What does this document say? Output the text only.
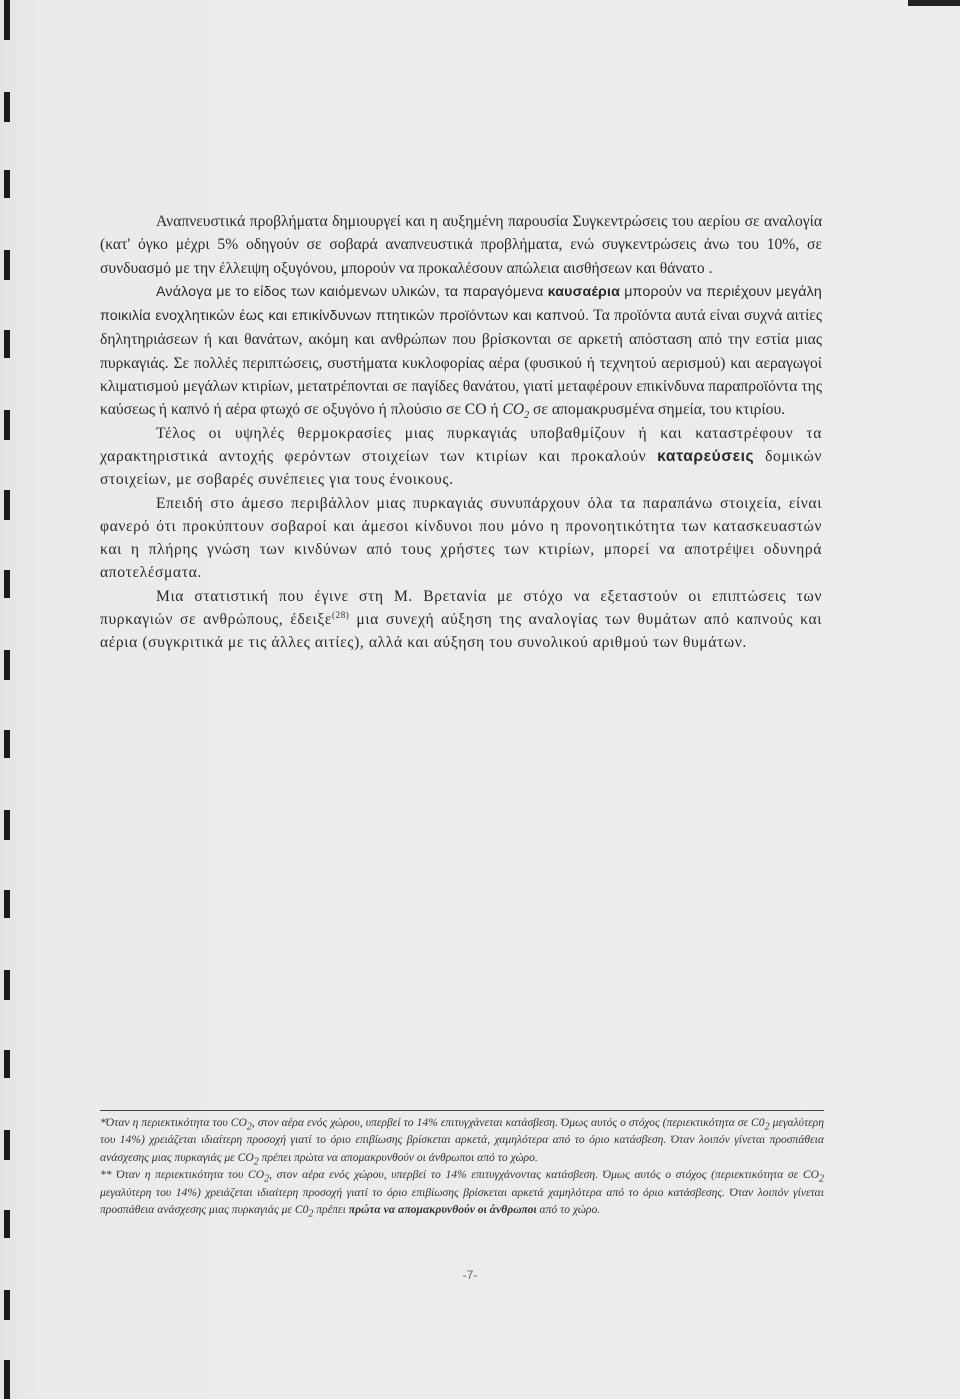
Αναπνευστικά προβλήματα δημιουργεί και η αυξημένη παρουσία Συγκεντρώσεις του αερίου σε αναλογία (κατ' όγκο μέχρι 5% οδηγούν σε σοβαρά αναπνευστικά προβλήματα, ενώ συγκεντρώσεις άνω του 10%, σε συνδυασμό με την έλλειψη οξυγόνου, μπορούν να προκαλέσουν απώλεια αισθήσεων και θάνατο .

Ανάλογα με το είδος των καιόμενων υλικών, τα παραγόμενα καυσαέρια μπορούν να περιέχουν μεγάλη ποικιλία ενοχλητικών έως και επικίνδυνων πτητικών προϊόντων και καπνού. Τα προϊόντα αυτά είναι συχνά αιτίες δηλητηριάσεων ή και θανάτων, ακόμη και ανθρώπων που βρίσκονται σε αρκετή απόσταση από την εστία μιας πυρκαγιάς. Σε πολλές περιπτώσεις, συστήματα κυκλοφορίας αέρα (φυσικού ή τεχνητού αερισμού) και αεραγωγοί κλιματισμού μεγάλων κτιρίων, μετατρέπονται σε παγίδες θανάτου, γιατί μεταφέρουν επικίνδυνα παραπροϊόντα της καύσεως ή καπνό ή αέρα φτωχό σε οξυγόνο ή πλούσιο σε CO ή $CO_2$ σε απομακρυσμένα σημεία, του κτιρίου.

Τέλος οι υψηλές θερμοκρασίες μιας πυρκαγιάς υποβαθμίζουν ή και καταστρέφουν τα χαρακτηριστικά αντοχής φερόντων στοιχείων των κτιρίων και προκαλούν καταρεύσεις δομικών στοιχείων, με σοβαρές συνέπειες για τους ένοικους.

Επειδή στο άμεσο περιβάλλον μιας πυρκαγιάς συνυπάρχουν όλα τα παραπάνω στοιχεία, είναι φανερό ότι προκύπτουν σοβαροί και άμεσοι κίνδυνοι που μόνο η προνοητικότητα των κατασκευαστών και η πλήρης γνώση των κινδύνων από τους χρήστες των κτιρίων, μπορεί να αποτρέψει οδυνηρά αποτελέσματα.

Μια στατιστική που έγινε στη Μ. Βρετανία με στόχο να εξεταστούν οι επιπτώσεις των πυρκαγιών σε ανθρώπους, έδειξε$^{(28)}$ μια συνεχή αύξηση της αναλογίας των θυμάτων από καπνούς και αέρια (συγκριτικά με τις άλλες αιτίες), αλλά και αύξηση του συνολικού αριθμού των θυμάτων.

*Όταν η περιεκτικότητα του $CO_2$, στον αέρα ενός χώρου, υπερβεί το 14% επιτυγχάνεται κατάσβεση. Όμως αυτός ο στόχος (περιεκτικότητα σε $C0_2$ μεγαλύτερη του 14%) χρειάζεται ιδιαίτερη προσοχή γιατί το όριο επιβίωσης βρίσκεται αρκετά, χαμηλότερα από το όριο κατάσβεση. Όταν λοιπόν γίνεται προσπάθεια ανάσχεσης μιας πυρκαγιάς με $CO_2$ πρέπει πρώτα να απομακρυνθούν οι άνθρωποι από το χώρο.

** Όταν η περιεκτικότητα του $CO_2$, στον αέρα ενός χώρου, υπερβεί το 14% επιτυγχάνοντας κατάσβεση. Όμως αυτός ο στόχος (περιεκτικότητα σε $CO_2$ μεγαλύτερη του 14%) χρειάζεται ιδιαίτερη προσοχή γιατί το όριο επιβίωσης βρίσκεται αρκετά χαμηλότερα από το όριο κατάσβεσης. Όταν λοιπόν γίνεται προσπάθεια ανάσχεσης μιας πυρκαγιάς με $C0_2$ πρέπει πρώτα να απομακρυνθούν οι άνθρωποι από το χώρο.

-7-
